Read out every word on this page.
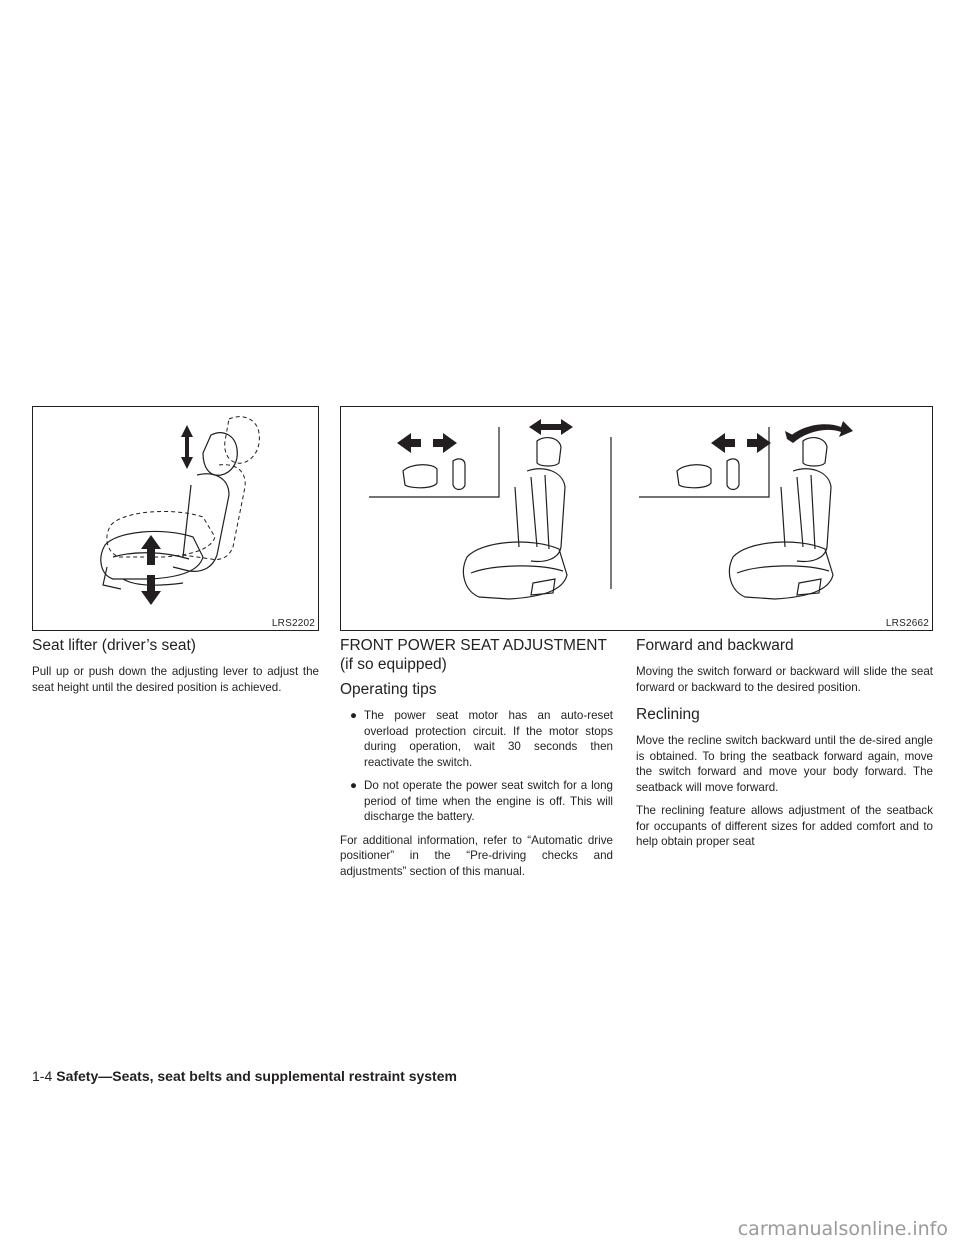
LRS2202	LRS2662
Seat lifter (driver’s seat)

Pull up or push down the adjusting lever to adjust the seat height until the desired position is achieved.

FRONT POWER SEAT ADJUSTMENT
(if so equipped)
Operating tips
● The power seat motor has an auto-reset overload protection circuit. If the motor stops during operation, wait 30 seconds then reactivate the switch.
● Do not operate the power seat switch for a long period of time when the engine is off. This will discharge the battery.

For additional information, refer to “Automatic drive positioner” in the “Pre-driving checks and adjustments” section of this manual.

Forward and backward

Moving the switch forward or backward will slide the seat forward or backward to the desired position.

Reclining

Move the recline switch backward until the de-sired angle is obtained. To bring the seatback forward again, move the switch forward and move your body forward. The seatback will move forward.

The reclining feature allows adjustment of the seatback for occupants of different sizes for added comfort and to help obtain proper seat

1-4 Safety—Seats, seat belts and supplemental restraint system
carmanualsonline.info
